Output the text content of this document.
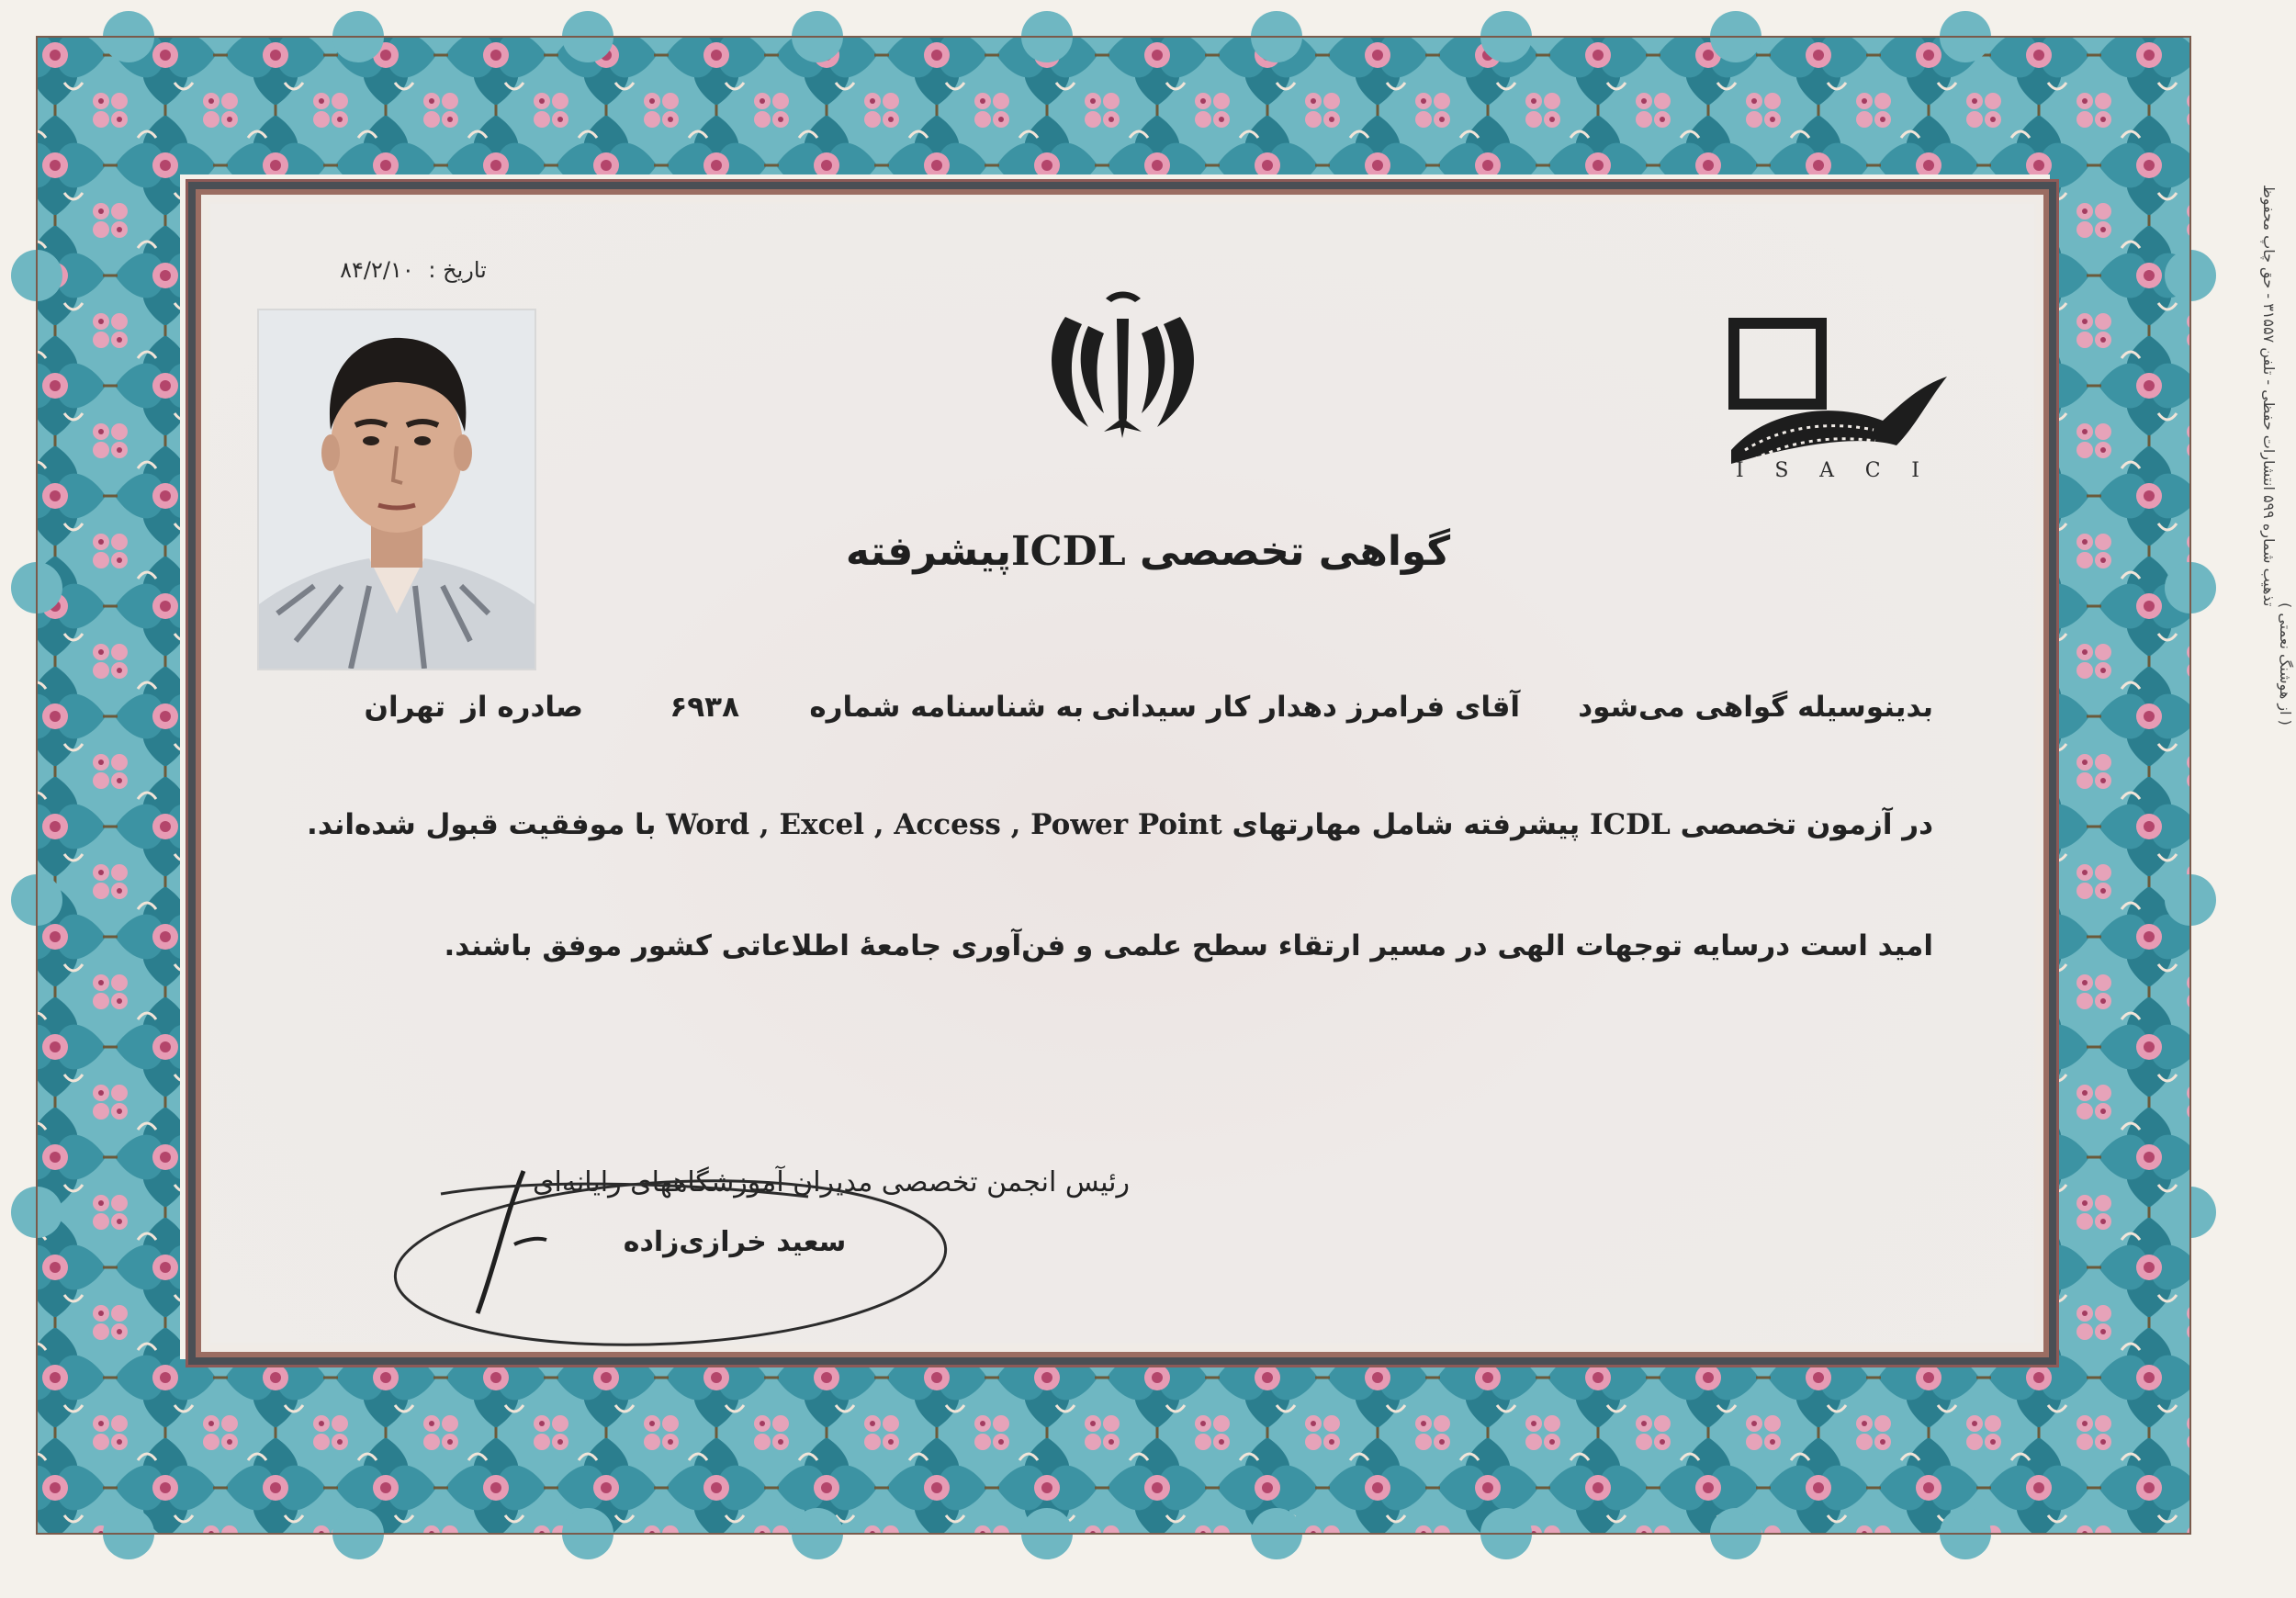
تاریخ : ۸۴/۲/۱۰
I S A C I
گواهی تخصصی ICDLپیشرفته
بدینوسیله گواهی می‌شود
آقای فرامرز دهدار کار سیدانی
به شناسنامه شماره
۶۹۳۸
صادره از
تهران
در آزمون تخصصی ICDL پیشرفته شامل مهارتهای Word , Excel , Access , Power Point با موفقیت قبول شده‌اند.
امید است درسایه توجهات الهی در مسیر ارتقاء سطح علمی و فن‌آوری جامعهٔ اطلاعاتی کشور موفق باشند.
رئیس انجمن تخصصی مدیران آموزشگاههای رایانه‌ای
سعید خرازی‌زاده
تذهیب شماره ۵۹۹ انتشارات حفظی - تلفن ۳۱۵۵۷ - حق چاپ محفوظ
( از هوشنگ نعمتی )
